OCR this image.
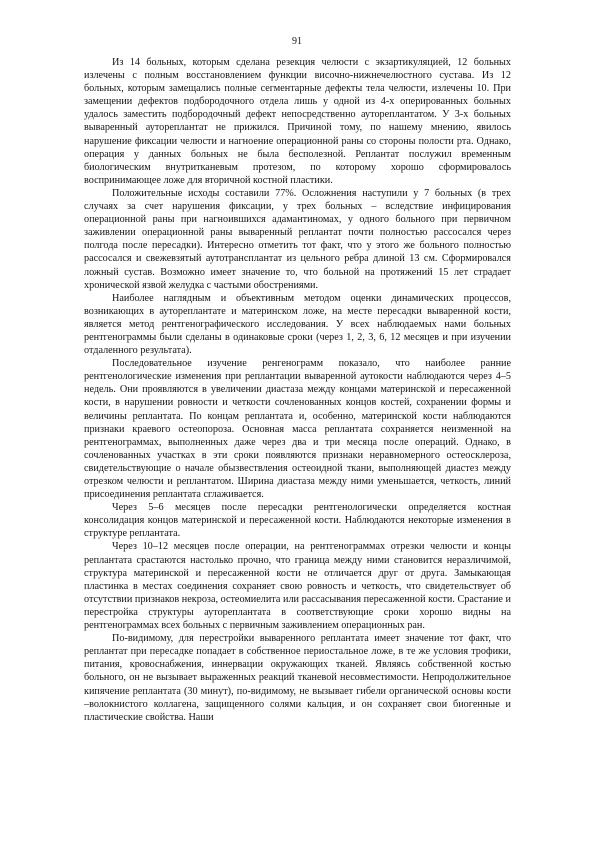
91

Из 14 больных, которым сделана резекция челюсти с экзартикуляцией, 12 больных излечены с полным восстановлением функции височно-нижнечелюстного сустава. Из 12 больных, которым замещались полные сегментарные дефекты тела челюсти, излечены 10. При замещении дефектов подбородочного отдела лишь у одной из 4-х оперированных больных удалось заместить подбородочный дефект непосредственно аутореплантатом. У 3-х больных вываренный аутореплантат не прижился. Причиной тому, по нашему мнению, явилось нарушение фиксации челюсти и нагноение операционной раны со стороны полости рта. Однако, операция у данных больных не была бесполезной. Реплантат послужил временным биологическим внутритканевым протезом, по которому хорошо сформировалось воспринимающее ложе для вторичной костной пластики.

Положительные исходы составили 77%. Осложнения наступили у 7 больных (в трех случаях за счет нарушения фиксации, у трех больных – вследствие инфицирования операционной раны при нагноившихся адамантиномах, у одного больного при первичном заживлении операционной раны вываренный реплантат почти полностью рассосался через полгода после пересадки). Интересно отметить тот факт, что у этого же больного полностью рассосался и свежевзятый аутотрансплантат из цельного ребра длиной 13 см. Сформировался ложный сустав. Возможно имеет значение то, что больной на протяжений 15 лет страдает хронической язвой желудка с частыми обострениями.

Наиболее наглядным и объективным методом оценки динамических процессов, возникающих в аутореплантате и материнском ложе, на месте пересадки вываренной кости, является метод рентгенографического исследования. У всех наблюдаемых нами больных рентгенограммы были сделаны в одинаковые сроки (через 1, 2, 3, 6, 12 месяцев и при изучении отдаленного результата).

Последовательное изучение ренгенограмм показало, что наиболее ранние рентгенологические изменения при реплантации вываренной аутокости наблюдаются через 4–5 недель. Они проявляются в увеличении диастаза между концами материнской и пересаженной кости, в нарушении ровности и четкости сочленованных концов костей, сохранении формы и величины реплантата. По концам реплантата и, особенно, материнской кости наблюдаются признаки краевого остеопороза. Основная масса реплантата сохраняется неизменной на рентгенограммах, выполненных даже через два и три месяца после операций. Однако, в сочленованных участках в эти сроки появляются признаки неравномерного остеосклероза, свидетельствующие о начале обызвествления остеоидной ткани, выполняющей диастез между отрезком челюсти и реплантатом. Ширина диастаза между ними уменьшается, четкость, линий присоединения реплантата сглаживается.

Через 5–6 месяцев после пересадки рентгенологически определяется костная консолидация концов материнской и пересаженной кости. Наблюдаются некоторые изменения в структуре реплантата.

Через 10–12 месяцев после операции, на рентгенограммах отрезки челюсти и концы реплантата срастаются настолько прочно, что граница между ними становится неразличимой, структура материнской и пересаженной кости не отличается друг от друга. Замыкающая пластинка в местах соединения сохраняет свою ровность и четкость, что свидетельствует об отсутствии признаков некроза, остеомиелита или рассасывания пересаженной кости. Срастание и перестройка структуры аутореплантата в соответствующие сроки хорошо видны на рентгенограммах всех больных с первичным заживлением операционных ран.

По-видимому, для перестройки вываренного реплантата имеет значение тот факт, что реплантат при пересадке попадает в собственное периостальное ложе, в те же условия трофики, питания, кровоснабжения, иннервации окружающих тканей. Являясь собственной костью больного, он не вызывает выраженных реакций тканевой несовместимости. Непродолжительное кипячение реплантата (30 минут), по-видимому, не вызывает гибели органической основы кости –волокнистого коллагена, защищенного солями кальция, и он сохраняет свои биогенные и пластические свойства. Наши
